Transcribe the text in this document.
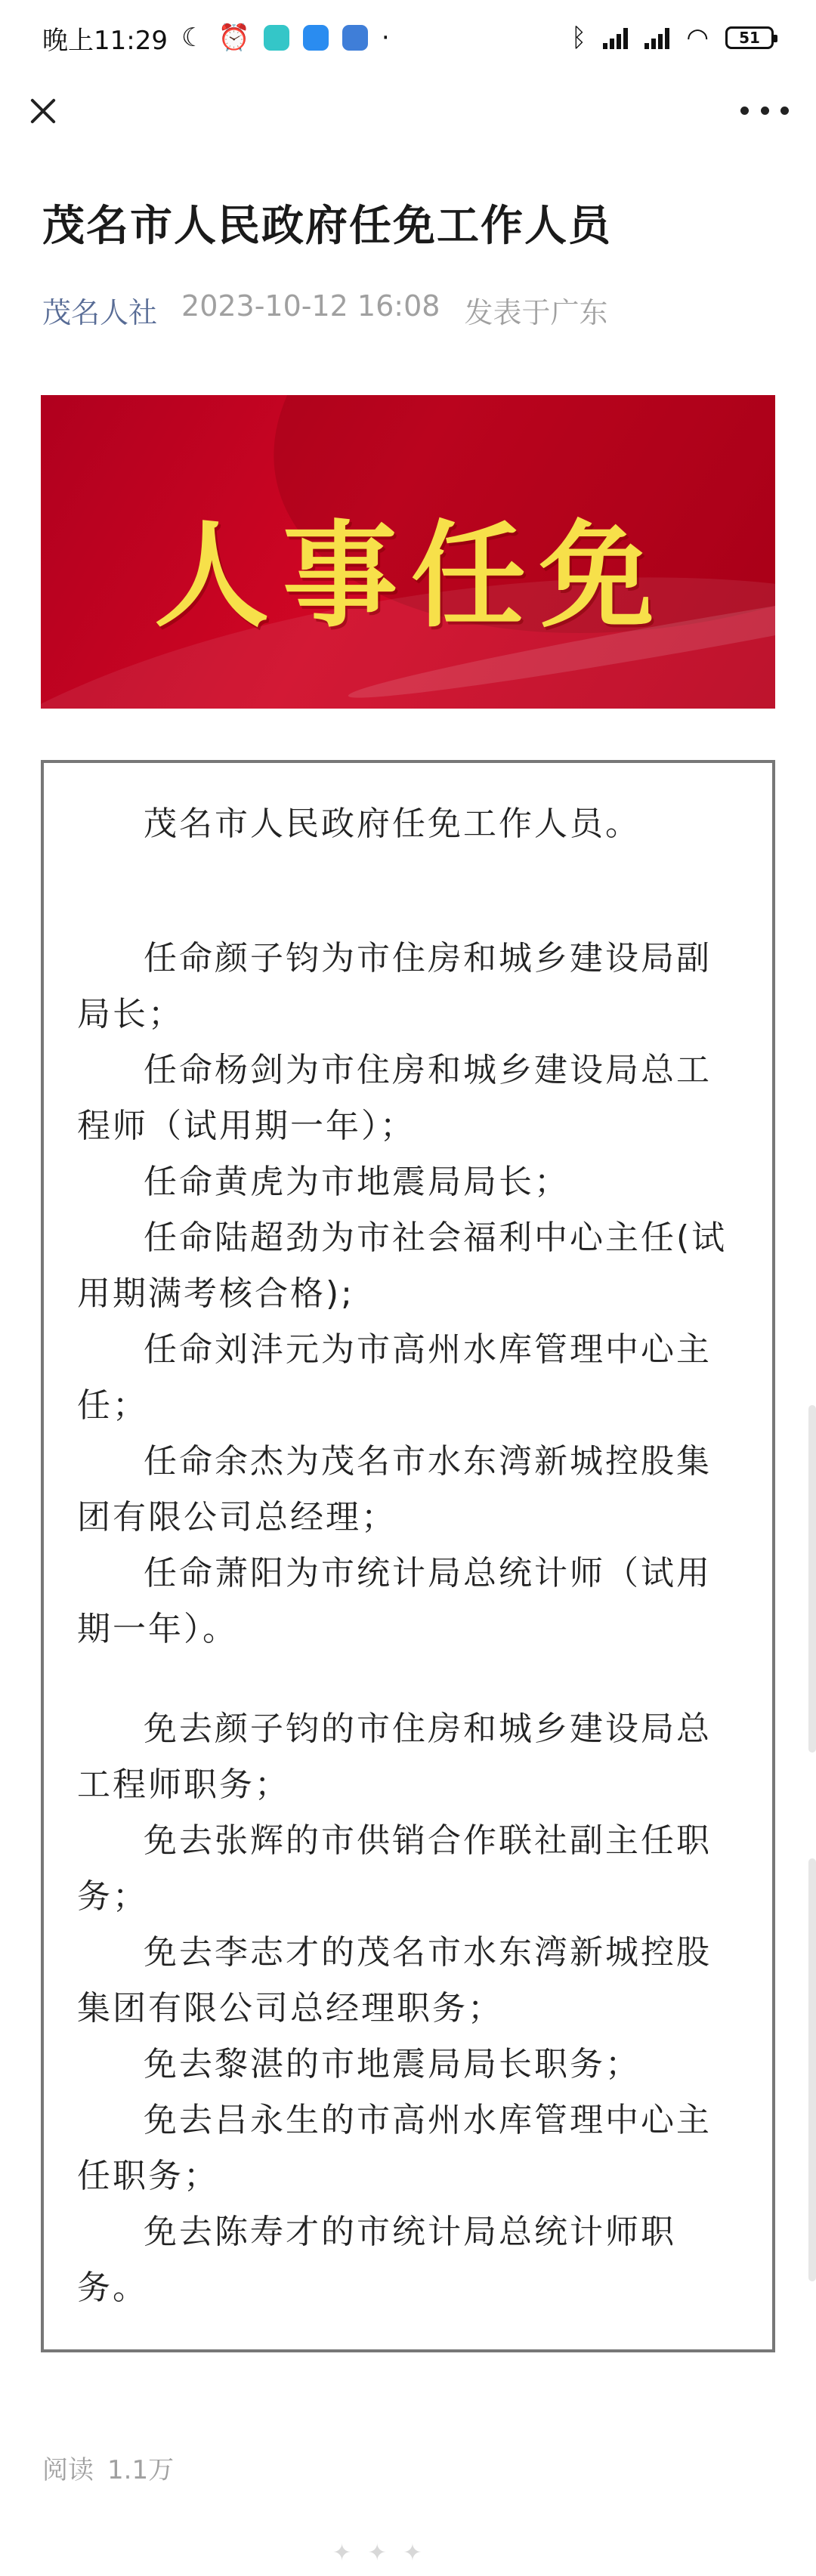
晚上11:29 ☾ ⏰	·	ᛒ	◠ 51
茂名市人民政府任免工作人员
茂名人社 2023-10-12 16:08 发表于广东
人事任免

茂名市人民政府任免工作人员。

任命颜子钧为市住房和城乡建设局副局长；

任命杨剑为市住房和城乡建设局总工程师（试用期一年）；

任命黄虎为市地震局局长；

任命陆超劲为市社会福利中心主任(试用期满考核合格);

任命刘沣元为市高州水库管理中心主任；

任命余杰为茂名市水东湾新城控股集团有限公司总经理；

任命萧阳为市统计局总统计师（试用期一年）。

免去颜子钧的市住房和城乡建设局总工程师职务；

免去张辉的市供销合作联社副主任职务；

免去李志才的茂名市水东湾新城控股集团有限公司总经理职务；

免去黎湛的市地震局局长职务；

免去吕永生的市高州水库管理中心主任职务；

免去陈寿才的市统计局总统计师职务。

阅读 1.1万
✦ ✦ ✦
